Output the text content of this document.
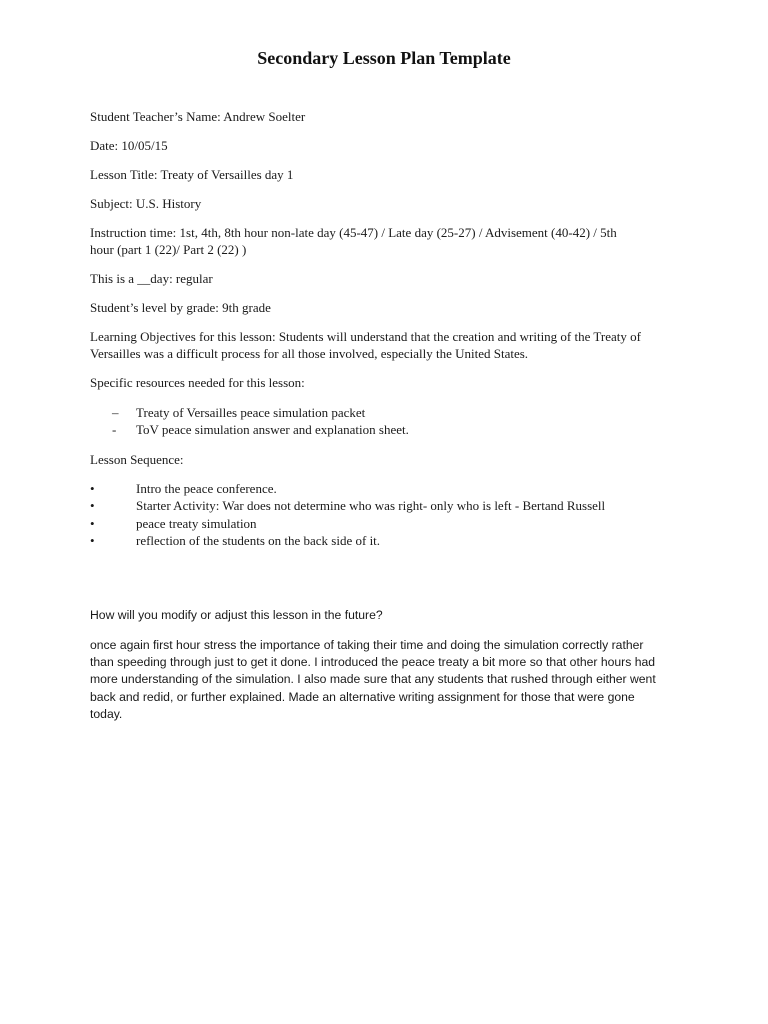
Secondary Lesson Plan Template
Student Teacher’s Name: Andrew Soelter
Date: 10/05/15
Lesson Title: Treaty of Versailles day 1
Subject: U.S. History
Instruction time: 1st, 4th, 8th hour non-late day (45-47) / Late day (25-27) / Advisement (40-42) / 5th
hour (part 1 (22)/ Part 2 (22) )
This is a __day: regular
Student’s level by grade: 9th grade
Learning Objectives for this lesson: Students will understand that the creation and writing of the Treaty of
Versailles was a difficult process for all those involved, especially the United States.
Specific resources needed for this lesson:
– Treaty of Versailles peace simulation packet
- ToV peace simulation answer and explanation sheet.
Lesson Sequence:
•	Intro the peace conference.
•	Starter Activity: War does not determine who was right- only who is left - Bertand Russell
•	peace treaty simulation
•	reflection of the students on the back side of it.
How will you modify or adjust this lesson in the future?
once again first hour stress the importance of taking their time and doing the simulation correctly rather
than speeding through just to get it done. I introduced the peace treaty a bit more so that other hours had
more understanding of the simulation. I also made sure that any students that rushed through either went
back and redid, or further explained. Made an alternative writing assignment for those that were gone
today.
